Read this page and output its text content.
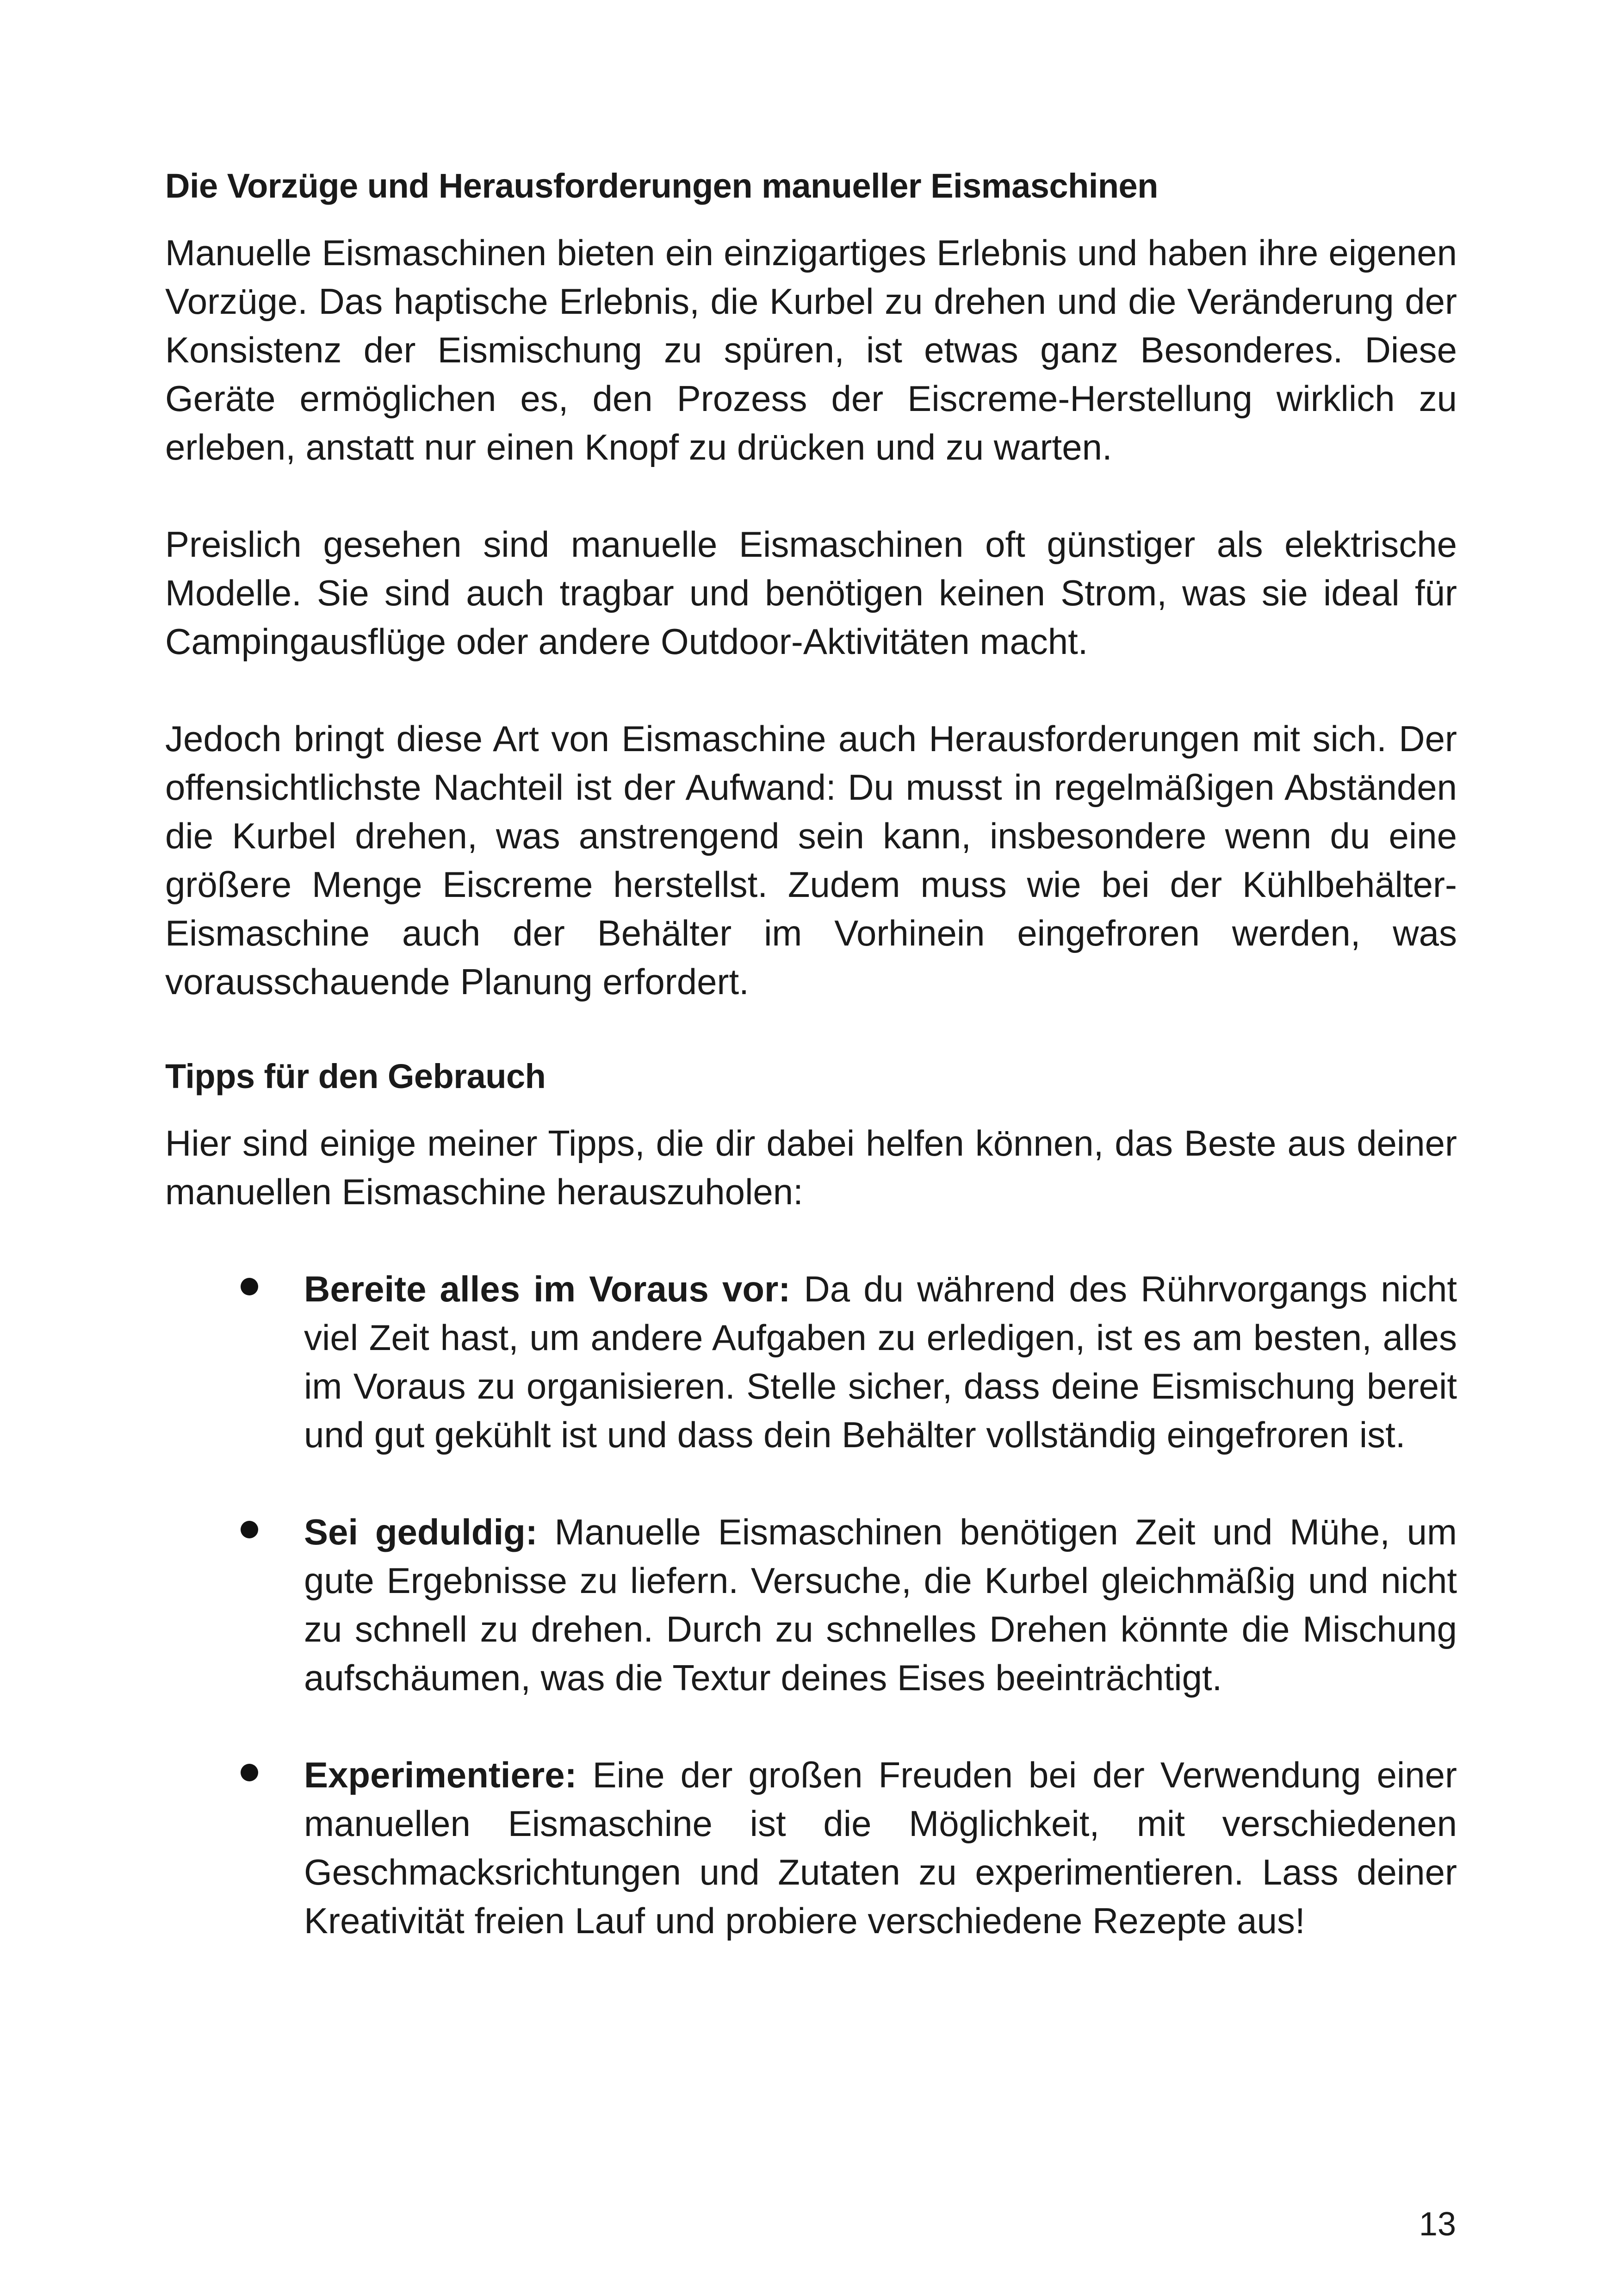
Die Vorzüge und Herausforderungen manueller Eismaschinen

Manuelle Eismaschinen bieten ein einzigartiges Erlebnis und haben ihre eigenen Vorzüge. Das haptische Erlebnis, die Kurbel zu drehen und die Veränderung der Konsistenz der Eismischung zu spüren, ist etwas ganz Besonderes. Diese Geräte ermöglichen es, den Prozess der Eiscreme-Herstellung wirklich zu erleben, anstatt nur einen Knopf zu drücken und zu warten.

Preislich gesehen sind manuelle Eismaschinen oft günstiger als elektrische Modelle. Sie sind auch tragbar und benötigen keinen Strom, was sie ideal für Campingausflüge oder andere Outdoor-Aktivitäten macht.

Jedoch bringt diese Art von Eismaschine auch Herausforderungen mit sich. Der offensichtlichste Nachteil ist der Aufwand: Du musst in regelmäßigen Abständen die Kurbel drehen, was anstrengend sein kann, insbesondere wenn du eine größere Menge Eiscreme herstellst. Zudem muss wie bei der Kühlbehälter-Eismaschine auch der Behälter im Vorhinein eingefroren werden, was vorausschauende Planung erfordert.

Tipps für den Gebrauch

Hier sind einige meiner Tipps, die dir dabei helfen können, das Beste aus deiner manuellen Eismaschine herauszuholen:

Bereite alles im Voraus vor: Da du während des Rührvorgangs nicht viel Zeit hast, um andere Aufgaben zu erledigen, ist es am besten, alles im Voraus zu organisieren. Stelle sicher, dass deine Eismischung bereit und gut gekühlt ist und dass dein Behälter vollständig eingefroren ist.
Sei geduldig: Manuelle Eismaschinen benötigen Zeit und Mühe, um gute Ergebnisse zu liefern. Versuche, die Kurbel gleichmäßig und nicht zu schnell zu drehen. Durch zu schnelles Drehen könnte die Mischung aufschäumen, was die Textur deines Eises beeinträchtigt.
Experimentiere: Eine der großen Freuden bei der Verwendung einer manuellen Eismaschine ist die Möglichkeit, mit verschiedenen Geschmacksrichtungen und Zutaten zu experimentieren. Lass deiner Kreativität freien Lauf und probiere verschiedene Rezepte aus!
13
